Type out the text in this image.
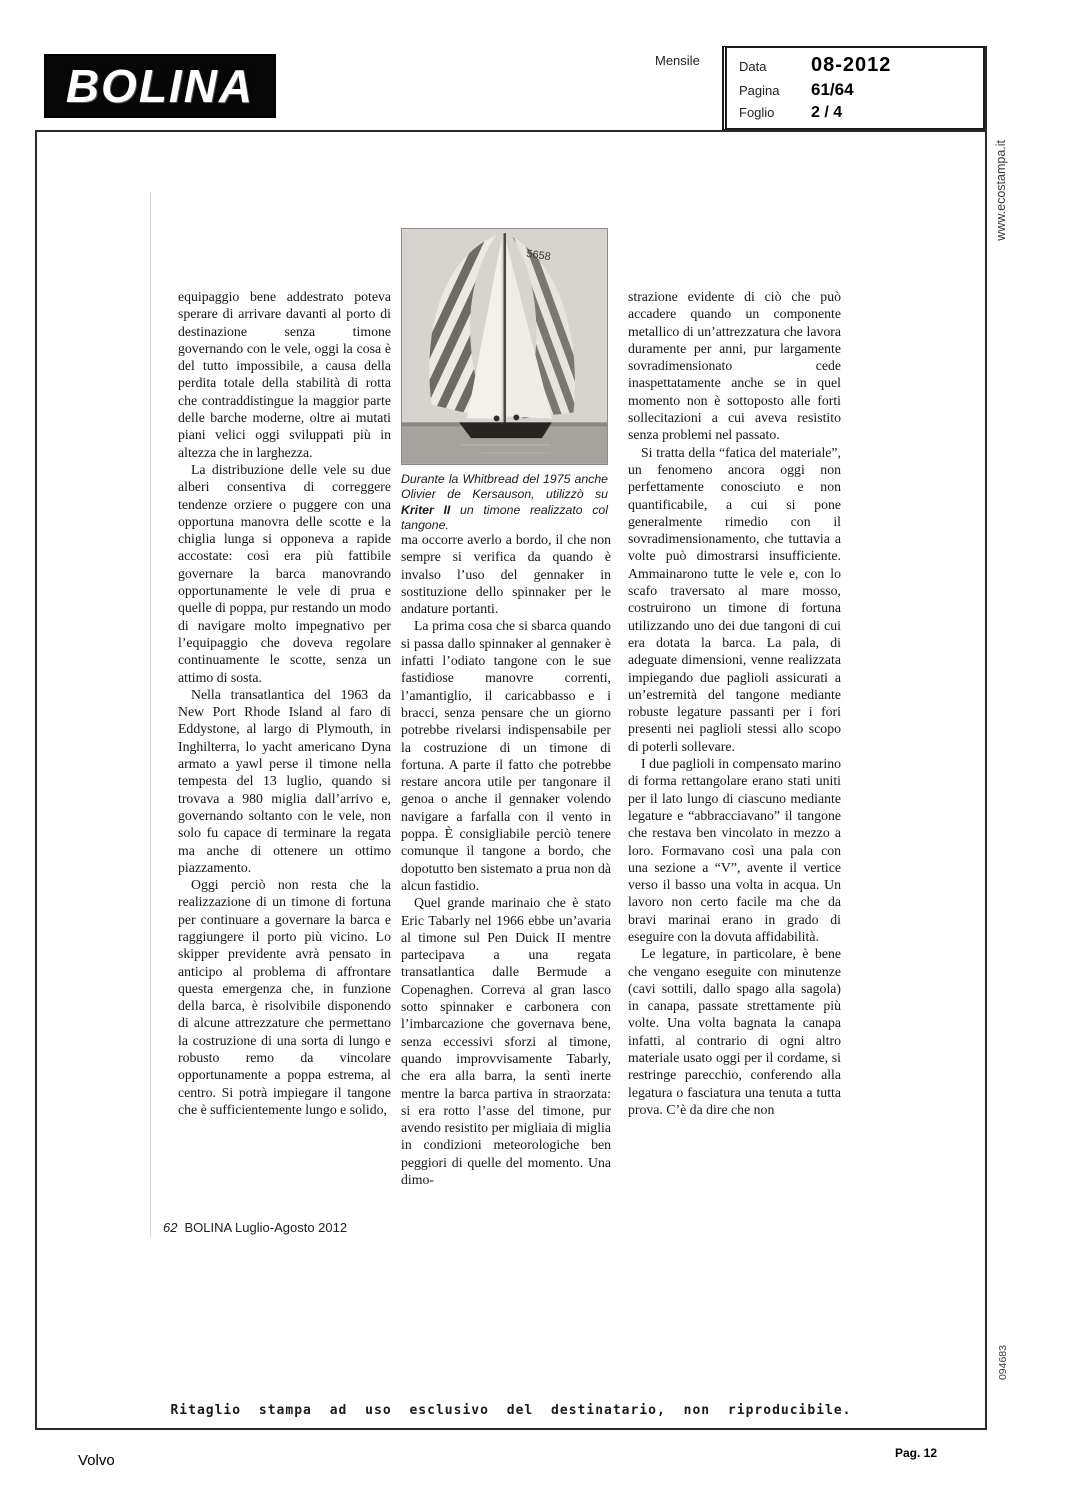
BOLINA	Mensile	Data	08-2012
Pagina	61/64
Foglio	2 / 4
www.ecostampa.it
094683
5658
Durante la Whitbread del 1975 anche Olivier de Kersauson, utilizzò su Kriter II un timone realizzato col tangone.

equipaggio bene addestrato poteva sperare di arrivare davanti al porto di destinazione senza timone governando con le vele, oggi la cosa è del tutto impossibile, a causa della perdita totale della stabilità di rotta che contraddistingue la maggior parte delle barche moderne, oltre ai mutati piani velici oggi sviluppati più in altezza che in larghezza.

La distribuzione delle vele su due alberi consentiva di correggere tendenze orziere o puggere con una opportuna manovra delle scotte e la chiglia lunga si opponeva a rapide accostate: così era più fattibile governare la barca manovrando opportunamente le vele di prua e quelle di poppa, pur restando un modo di navigare molto impegnativo per l’equipaggio che doveva regolare continuamente le scotte, senza un attimo di sosta.

Nella transatlantica del 1963 da New Port Rhode Island al faro di Eddystone, al largo di Plymouth, in Inghilterra, lo yacht americano Dyna armato a yawl perse il timone nella tempesta del 13 luglio, quando si trovava a 980 miglia dall’arrivo e, governando soltanto con le vele, non solo fu capace di terminare la regata ma anche di ottenere un ottimo piazzamento.

Oggi perciò non resta che la realizzazione di un timone di fortuna per continuare a governare la barca e raggiungere il porto più vicino. Lo skipper previdente avrà pensato in anticipo al problema di affrontare questa emergenza che, in funzione della barca, è risolvibile disponendo di alcune attrezzature che permettano la costruzione di una sorta di lungo e robusto remo da vincolare opportunamente a poppa estrema, al centro. Si potrà impiegare il tangone che è sufficientemente lungo e solido,

ma occorre averlo a bordo, il che non sempre si verifica da quando è invalso l’uso del gennaker in sostituzione dello spinnaker per le andature portanti.

La prima cosa che si sbarca quando si passa dallo spinnaker al gennaker è infatti l’odiato tangone con le sue fastidiose manovre correnti, l’amantiglio, il caricabbasso e i bracci, senza pensare che un giorno potrebbe rivelarsi indispensabile per la costruzione di un timone di fortuna. A parte il fatto che potrebbe restare ancora utile per tangonare il genoa o anche il gennaker volendo navigare a farfalla con il vento in poppa. È consigliabile perciò tenere comunque il tangone a bordo, che dopotutto ben sistemato a prua non dà alcun fastidio.

Quel grande marinaio che è stato Eric Tabarly nel 1966 ebbe un’avaria al timone sul Pen Duick II mentre partecipava a una regata transatlantica dalle Bermude a Copenaghen. Correva al gran lasco sotto spinnaker e carbonera con l’imbarcazione che governava bene, senza eccessivi sforzi al timone, quando improvvisamente Tabarly, che era alla barra, la sentì inerte mentre la barca partiva in straorzata: si era rotto l’asse del timone, pur avendo resistito per migliaia di miglia in condizioni meteorologiche ben peggiori di quelle del momento. Una dimo-

strazione evidente di ciò che può accadere quando un componente metallico di un’attrezzatura che lavora duramente per anni, pur largamente sovradimensionato cede inaspettatamente anche se in quel momento non è sottoposto alle forti sollecitazioni a cui aveva resistito senza problemi nel passato.

Si tratta della “fatica del materiale”, un fenomeno ancora oggi non perfettamente conosciuto e non quantificabile, a cui si pone generalmente rimedio con il sovradimensionamento, che tuttavia a volte può dimostrarsi insufficiente. Ammainarono tutte le vele e, con lo scafo traversato al mare mosso, costruirono un timone di fortuna utilizzando uno dei due tangoni di cui era dotata la barca. La pala, di adeguate dimensioni, venne realizzata impiegando due paglioli assicurati a un’estremità del tangone mediante robuste legature passanti per i fori presenti nei paglioli stessi allo scopo di poterli sollevare.

I due paglioli in compensato marino di forma rettangolare erano stati uniti per il lato lungo di ciascuno mediante legature e “abbracciavano” il tangone che restava ben vincolato in mezzo a loro. Formavano così una pala con una sezione a “V”, avente il vertice verso il basso una volta in acqua. Un lavoro non certo facile ma che da bravi marinai erano in grado di eseguire con la dovuta affidabilità.

Le legature, in particolare, è bene che vengano eseguite con minutenze (cavi sottili, dallo spago alla sagola) in canapa, passate strettamente più volte. Una volta bagnata la canapa infatti, al contrario di ogni altro materiale usato oggi per il cordame, si restringe parecchio, conferendo alla legatura o fasciatura una tenuta a tutta prova. C’è da dire che non

62 BOLINA Luglio-Agosto 2012
Ritaglio stampa ad uso esclusivo del destinatario, non riproducibile.
Volvo	Pag. 12
